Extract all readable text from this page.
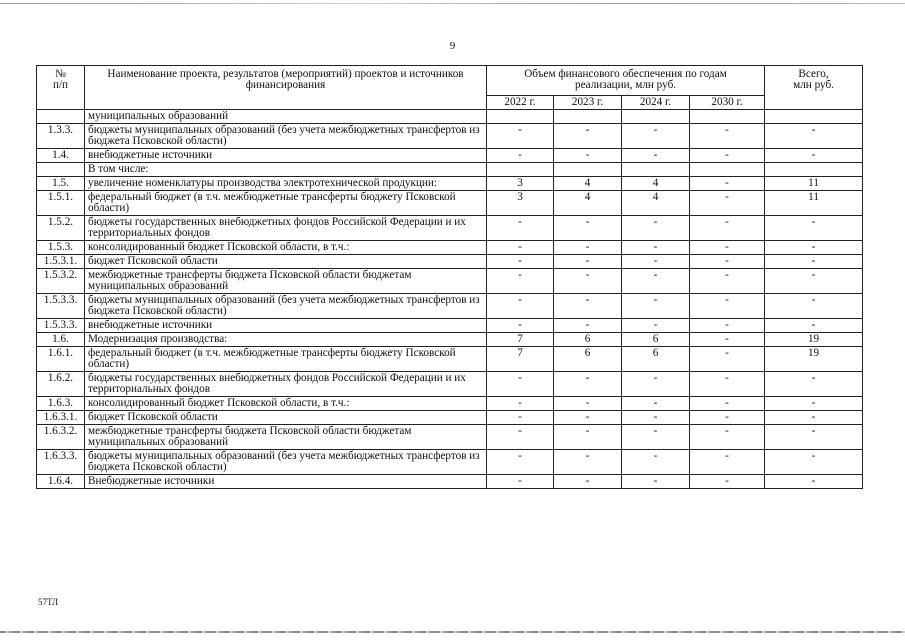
9
№
п/п	Наименование проекта, результатов (мероприятий) проектов и источников финансирования	Объем финансового обеспечения по годам реализации, млн руб.				Всего,
млн руб.
		2022 г.	2023 г.	2024 г.	2030 г.	
	муниципальных образований					
1.3.3.	бюджеты муниципальных образований (без учета межбюджетных трансфертов из бюджета Псковской области)	-	-	-	-	-
1.4.	внебюджетные источники	-	-	-	-	-
	В том числе:					
1.5.	увеличение номенклатуры производства электротехнической продукции:	3	4	4	-	11
1.5.1.	федеральный бюджет (в т.ч. межбюджетные трансферты бюджету Псковской области)	3	4	4	-	11
1.5.2.	бюджеты государственных внебюджетных фондов Российской Федерации и их территориальных фондов	-	-	-	-	-
1.5.3.	консолидированный бюджет Псковской области, в т.ч.:	-	-	-	-	-
1.5.3.1.	бюджет Псковской области	-	-	-	-	-
1.5.3.2.	межбюджетные трансферты бюджета Псковской области бюджетам муниципальных образований	-	-	-	-	-
1.5.3.3.	бюджеты муниципальных образований (без учета межбюджетных трансфертов из бюджета Псковской области)	-	-	-	-	-
1.5.3.3.	внебюджетные источники	-	-	-	-	-
1.6.	Модернизация производства:	7	6	6	-	19
1.6.1.	федеральный бюджет (в т.ч. межбюджетные трансферты бюджету Псковской области)	7	6	6	-	19
1.6.2.	бюджеты государственных внебюджетных фондов Российской Федерации и их территориальных фондов	-	-	-	-	-
1.6.3.	консолидированный бюджет Псковской области, в т.ч.:	-	-	-	-	-
1.6.3.1.	бюджет Псковской области	-	-	-	-	-
1.6.3.2.	межбюджетные трансферты бюджета Псковской области бюджетам муниципальных образований	-	-	-	-	-
1.6.3.3.	бюджеты муниципальных образований (без учета межбюджетных трансфертов из бюджета Псковской области)	-	-	-	-	-
1.6.4.	Внебюджетные источники	-	-	-	-	-
57ТЛ
